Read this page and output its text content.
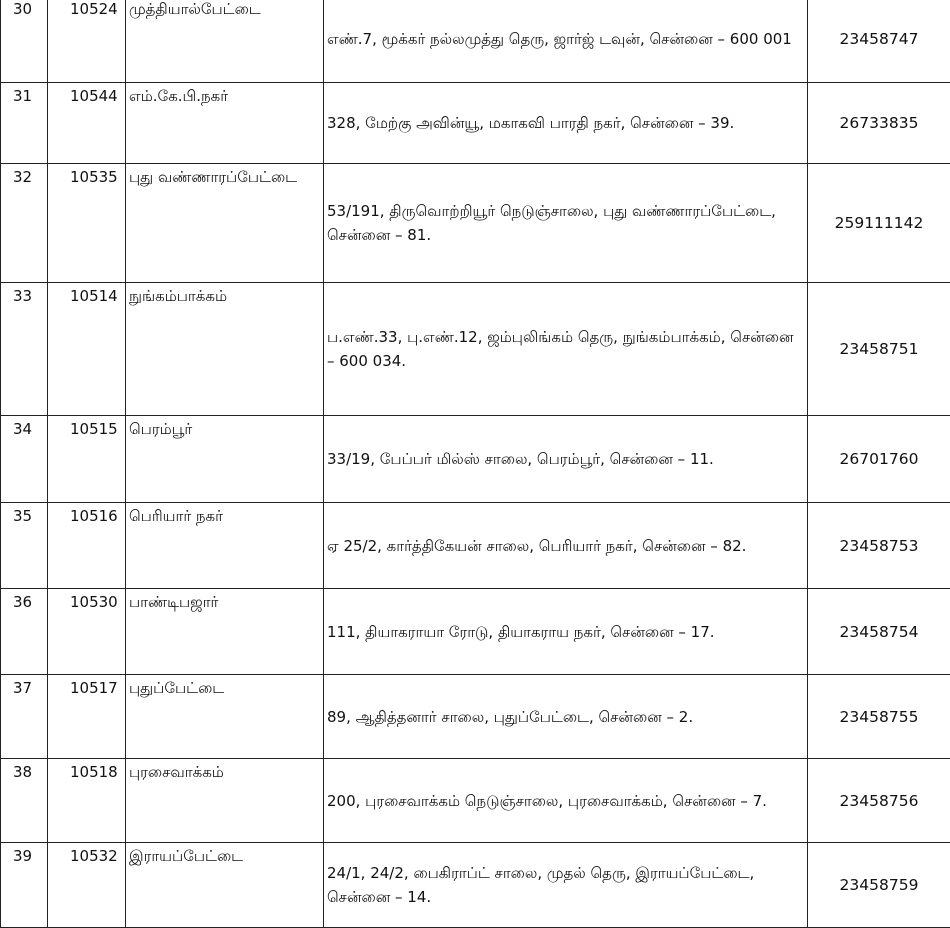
30	10524	முத்தியால்பேட்டை	எண்.7, மூக்கர் நல்லமுத்து தெரு, ஜார்ஜ் டவுன், சென்னை – 600 001	23458747
31	10544	எம்.கே.பி.நகர்	328, மேற்கு அவின்யூ, மகாகவி பாரதி நகர், சென்னை – 39.	26733835
32	10535	புது வண்ணாரப்பேட்டை	53/191, திருவொற்றியூர் நெடுஞ்சாலை, புது வண்ணாரப்பேட்டை, சென்னை – 81.	259111142
33	10514	நுங்கம்பாக்கம்	ப.எண்.33, பு.எண்.12, ஜம்புலிங்கம் தெரு, நுங்கம்பாக்கம், சென்னை – 600 034.	23458751
34	10515	பெரம்பூர்	33/19, பேப்பர் மில்ஸ் சாலை, பெரம்பூர், சென்னை – 11.	26701760
35	10516	பெரியார் நகர்	ஏ 25/2, கார்த்திகேயன் சாலை, பெரியார் நகர், சென்னை – 82.	23458753
36	10530	பாண்டிபஜார்	111, தியாகராயா ரோடு, தியாகராய நகர், சென்னை – 17.	23458754
37	10517	புதுப்பேட்டை	89, ஆதித்தனார் சாலை, புதுப்பேட்டை, சென்னை – 2.	23458755
38	10518	புரசைவாக்கம்	200, புரசைவாக்கம் நெடுஞ்சாலை, புரசைவாக்கம், சென்னை – 7.	23458756
39	10532	இராயப்பேட்டை	24/1, 24/2, பைகிராப்ட் சாலை, முதல் தெரு, இராயப்பேட்டை, சென்னை – 14.	23458759
